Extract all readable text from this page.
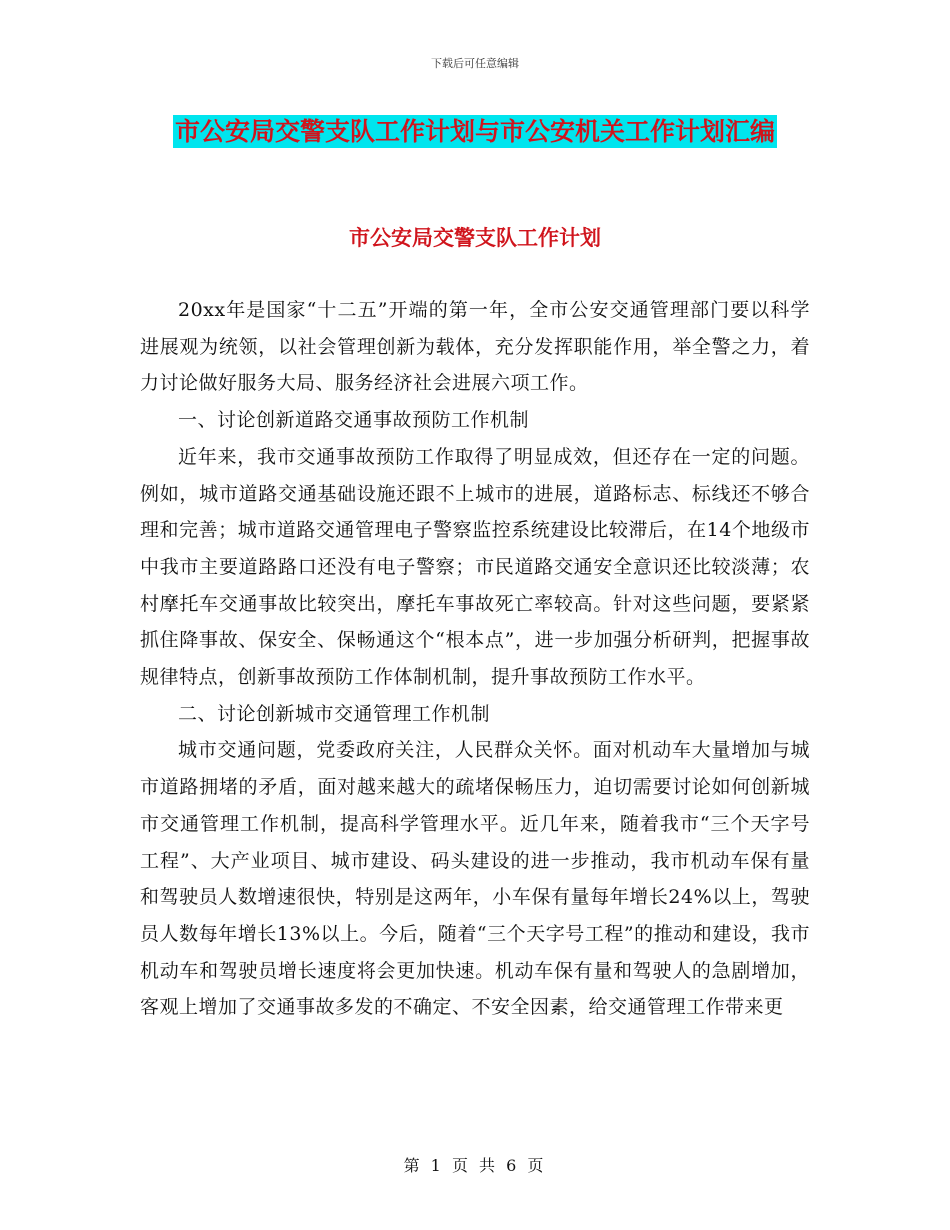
下载后可任意编辑
市公安局交警支队工作计划与市公安机关工作计划汇编
市公安局交警支队工作计划

20xx年是国家“十二五”开端的第一年，全市公安交通管理部门要以科学进展观为统领，以社会管理创新为载体，充分发挥职能作用，举全警之力，着力讨论做好服务大局、服务经济社会进展六项工作。

一、讨论创新道路交通事故预防工作机制

近年来，我市交通事故预防工作取得了明显成效，但还存在一定的问题。例如，城市道路交通基础设施还跟不上城市的进展，道路标志、标线还不够合理和完善；城市道路交通管理电子警察监控系统建设比较滞后，在14个地级市中我市主要道路路口还没有电子警察；市民道路交通安全意识还比较淡薄；农村摩托车交通事故比较突出，摩托车事故死亡率较高。针对这些问题，要紧紧抓住降事故、保安全、保畅通这个“根本点”，进一步加强分析研判，把握事故规律特点，创新事故预防工作体制机制，提升事故预防工作水平。

二、讨论创新城市交通管理工作机制

城市交通问题，党委政府关注，人民群众关怀。面对机动车大量增加与城市道路拥堵的矛盾，面对越来越大的疏堵保畅压力，迫切需要讨论如何创新城市交通管理工作机制，提高科学管理水平。近几年来，随着我市“三个天字号工程”、大产业项目、城市建设、码头建设的进一步推动，我市机动车保有量和驾驶员人数增速很快，特别是这两年，小车保有量每年增长24%以上，驾驶员人数每年增长13%以上。今后，随着“三个天字号工程”的推动和建设，我市机动车和驾驶员增长速度将会更加快速。机动车保有量和驾驶人的急剧增加，客观上增加了交通事故多发的不确定、不安全因素，给交通管理工作带来更

第 1 页 共 6 页
